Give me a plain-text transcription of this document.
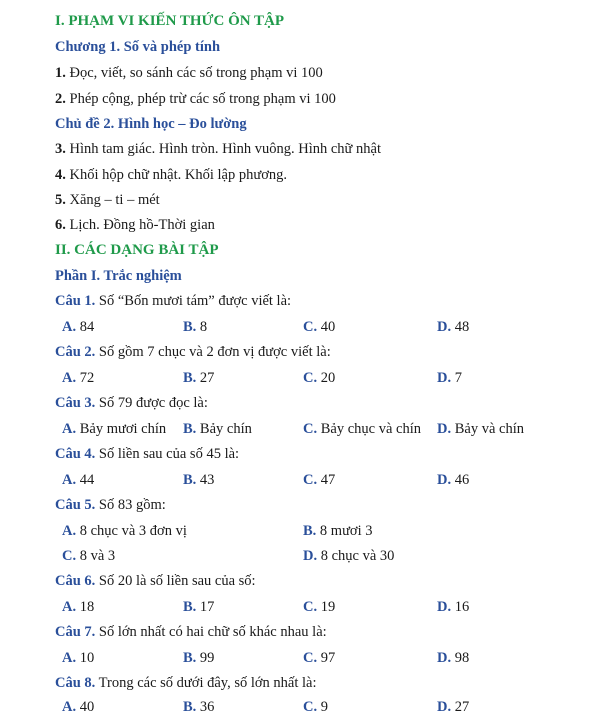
I. PHẠM VI KIẾN THỨC ÔN TẬP
Chương 1. Số và phép tính
1. Đọc, viết, so sánh các số trong phạm vi 100
2. Phép cộng, phép trừ các số trong phạm vi 100
Chủ đề 2. Hình học – Đo lường
3. Hình tam giác. Hình tròn. Hình vuông. Hình chữ nhật
4. Khối hộp chữ nhật. Khối lập phương.
5. Xăng – ti – mét
6. Lịch. Đồng hồ-Thời gian
II. CÁC DẠNG BÀI TẬP
Phần I. Trắc nghiệm
Câu 1. Số “Bốn mươi tám” được viết là:
A. 84	B. 8	C. 40	D. 48
Câu 2. Số gồm 7 chục và 2 đơn vị được viết là:
A. 72	B. 27	C. 20	D. 7
Câu 3. Số 79 được đọc là:
A. Bảy mươi chín B. Bảy chín	C. Bảy chục và chín D. Bảy và chín
Câu 4. Số liền sau của số 45 là:
A. 44	B. 43	C. 47	D. 46
Câu 5. Số 83 gồm:
A. 8 chục và 3 đơn vị	B. 8 mươi 3
C. 8 và 3	D. 8 chục và 30
Câu 6. Số 20 là số liền sau của số:
A. 18	B. 17	C. 19	D. 16
Câu 7. Số lớn nhất có hai chữ số khác nhau là:
A. 10	B. 99	C. 97	D. 98
Câu 8. Trong các số dưới đây, số lớn nhất là:
A. 40	B. 36	C. 9	D. 27
